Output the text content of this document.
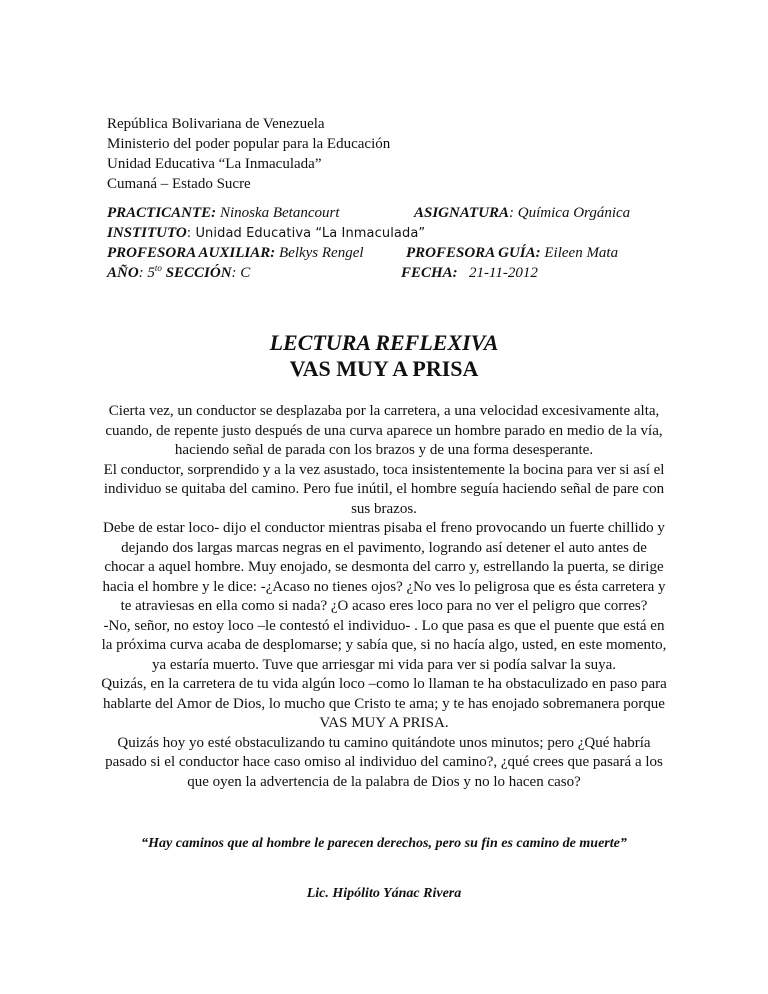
República Bolivariana de Venezuela
Ministerio del poder popular para la Educación
Unidad Educativa “La Inmaculada”
Cumaná – Estado Sucre
PRACTICANTE: Ninoska Betancourt	ASIGNATURA: Química Orgánica
INSTITUTO: Unidad Educativa “La Inmaculada”
PROFESORA AUXILIAR: Belkys Rengel	PROFESORA GUÍA: Eileen Mata
AÑO: $5^{to}$ SECCIÓN: C	FECHA: 21-11-2012
LECTURA REFLEXIVA
VAS MUY A PRISA

Cierta vez, un conductor se desplazaba por la carretera, a una velocidad excesivamente alta, cuando, de repente justo después de una curva aparece un hombre parado en medio de la vía, haciendo señal de parada con los brazos y de una forma desesperante.

El conductor, sorprendido y a la vez asustado, toca insistentemente la bocina para ver si así el individuo se quitaba del camino. Pero fue inútil, el hombre seguía haciendo señal de pare con sus brazos.

Debe de estar loco- dijo el conductor mientras pisaba el freno provocando un fuerte chillido y dejando dos largas marcas negras en el pavimento, logrando así detener el auto antes de chocar a aquel hombre. Muy enojado, se desmonta del carro y, estrellando la puerta, se dirige hacia el hombre y le dice: -¿Acaso no tienes ojos? ¿No ves lo peligrosa que es ésta carretera y te atraviesas en ella como si nada? ¿O acaso eres loco para no ver el peligro que corres?

-No, señor, no estoy loco –le contestó el individuo- . Lo que pasa es que el puente que está en la próxima curva acaba de desplomarse; y sabía que, si no hacía algo, usted, en este momento, ya estaría muerto. Tuve que arriesgar mi vida para ver si podía salvar la suya.

Quizás, en la carretera de tu vida algún loco –como lo llaman te ha obstaculizado en paso para hablarte del Amor de Dios, lo mucho que Cristo te ama; y te has enojado sobremanera porque VAS MUY A PRISA.

Quizás hoy yo esté obstaculizando tu camino quitándote unos minutos; pero ¿Qué habría pasado si el conductor hace caso omiso al individuo del camino?, ¿qué crees que pasará a los que oyen la advertencia de la palabra de Dios y no lo hacen caso?

“Hay caminos que al hombre le parecen derechos, pero su fin es camino de muerte”
Lic. Hipólito Yánac Rivera
